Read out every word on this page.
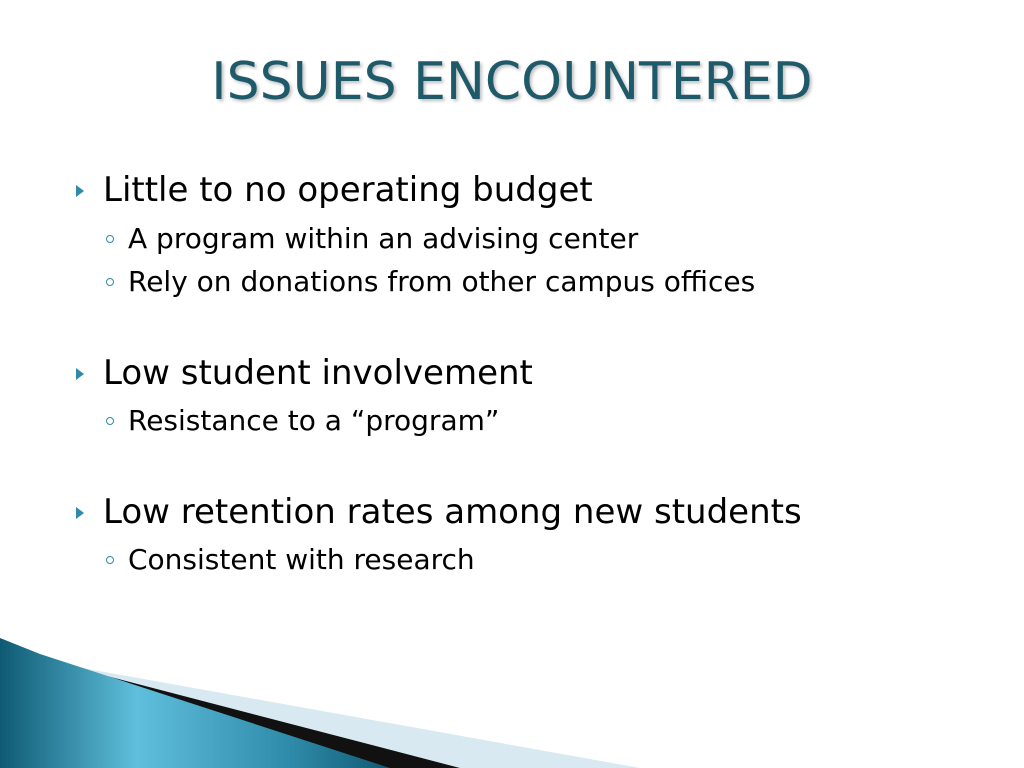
ISSUES ENCOUNTERED
Little to no operating budget
A program within an advising center
Rely on donations from other campus offices
Low student involvement
Resistance to a “program”
Low retention rates among new students
Consistent with research
